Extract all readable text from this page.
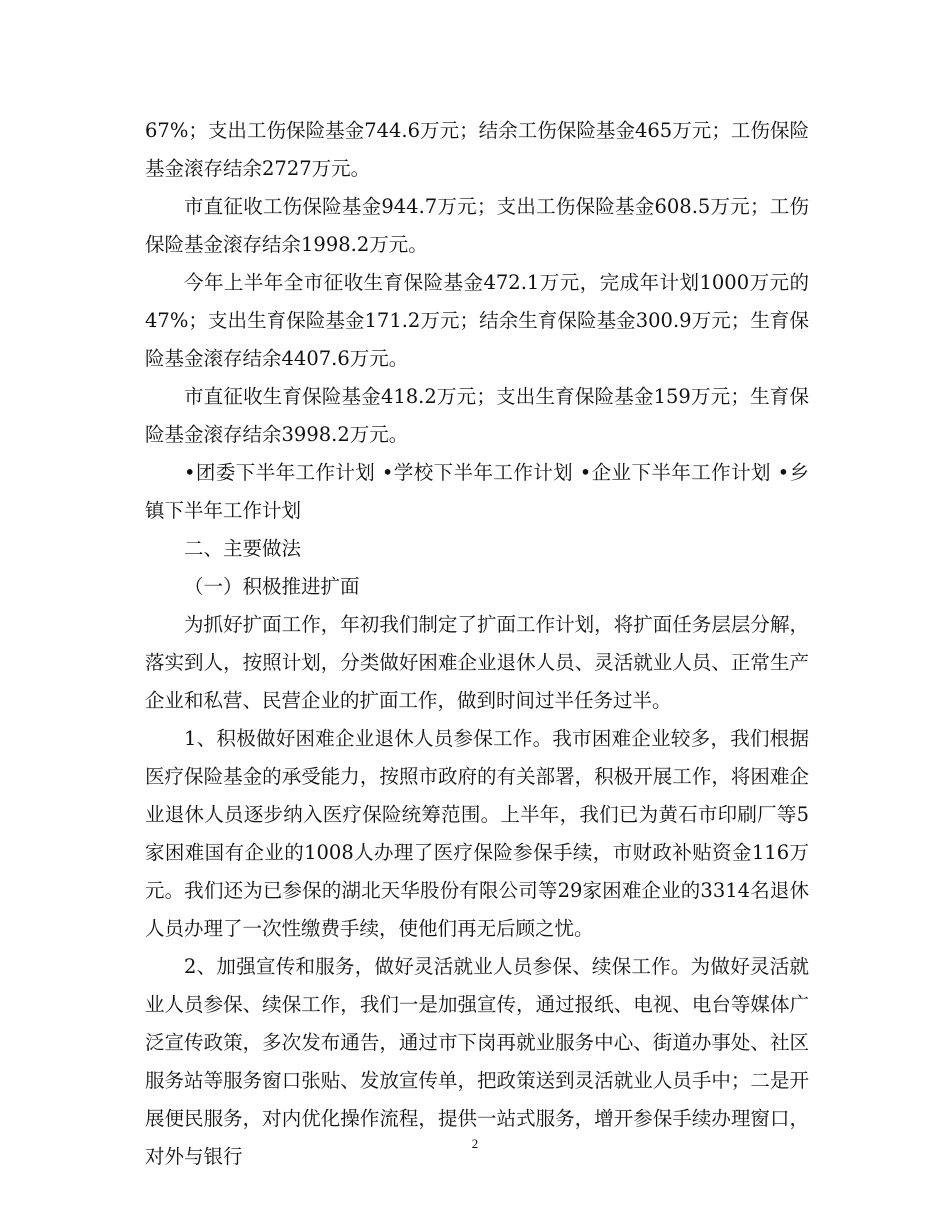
67%；支出工伤保险基金744.6万元；结余工伤保险基金465万元；工伤保险基金滚存结余2727万元。

市直征收工伤保险基金944.7万元；支出工伤保险基金608.5万元；工伤保险基金滚存结余1998.2万元。

今年上半年全市征收生育保险基金472.1万元，完成年计划1000万元的47%；支出生育保险基金171.2万元；结余生育保险基金300.9万元；生育保险基金滚存结余4407.6万元。

市直征收生育保险基金418.2万元；支出生育保险基金159万元；生育保险基金滚存结余3998.2万元。

•团委下半年工作计划 •学校下半年工作计划 •企业下半年工作计划 •乡镇下半年工作计划

二、主要做法

（一）积极推进扩面

为抓好扩面工作，年初我们制定了扩面工作计划，将扩面任务层层分解，落实到人，按照计划，分类做好困难企业退休人员、灵活就业人员、正常生产企业和私营、民营企业的扩面工作，做到时间过半任务过半。

1、积极做好困难企业退休人员参保工作。我市困难企业较多，我们根据医疗保险基金的承受能力，按照市政府的有关部署，积极开展工作，将困难企业退休人员逐步纳入医疗保险统筹范围。上半年，我们已为黄石市印刷厂等5家困难国有企业的1008人办理了医疗保险参保手续，市财政补贴资金116万元。我们还为已参保的湖北天华股份有限公司等29家困难企业的3314名退休人员办理了一次性缴费手续，使他们再无后顾之忧。

2、加强宣传和服务，做好灵活就业人员参保、续保工作。为做好灵活就业人员参保、续保工作，我们一是加强宣传，通过报纸、电视、电台等媒体广泛宣传政策，多次发布通告，通过市下岗再就业服务中心、街道办事处、社区服务站等服务窗口张贴、发放宣传单，把政策送到灵活就业人员手中；二是开展便民服务，对内优化操作流程，提供一站式服务，增开参保手续办理窗口，对外与银行

2
